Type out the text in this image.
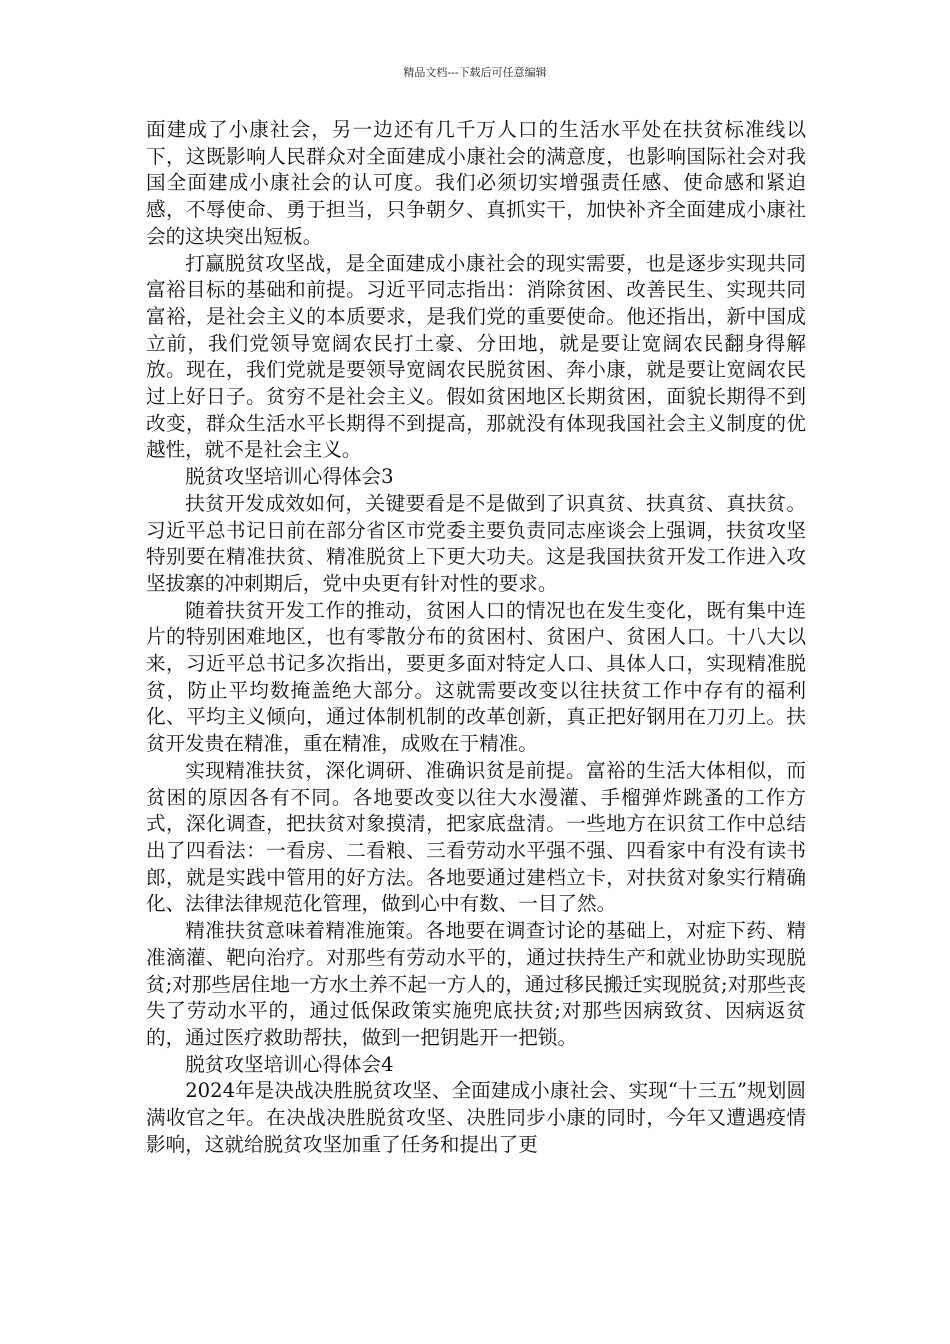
精品文档---下载后可任意编辑

面建成了小康社会，另一边还有几千万人口的生活水平处在扶贫标准线以下，这既影响人民群众对全面建成小康社会的满意度，也影响国际社会对我国全面建成小康社会的认可度。我们必须切实增强责任感、使命感和紧迫感，不辱使命、勇于担当，只争朝夕、真抓实干，加快补齐全面建成小康社会的这块突出短板。

打赢脱贫攻坚战，是全面建成小康社会的现实需要，也是逐步实现共同富裕目标的基础和前提。习近平同志指出：消除贫困、改善民生、实现共同富裕，是社会主义的本质要求，是我们党的重要使命。他还指出，新中国成立前，我们党领导宽阔农民打土豪、分田地，就是要让宽阔农民翻身得解放。现在，我们党就是要领导宽阔农民脱贫困、奔小康，就是要让宽阔农民过上好日子。贫穷不是社会主义。假如贫困地区长期贫困，面貌长期得不到改变，群众生活水平长期得不到提高，那就没有体现我国社会主义制度的优越性，就不是社会主义。

脱贫攻坚培训心得体会3

扶贫开发成效如何，关键要看是不是做到了识真贫、扶真贫、真扶贫。习近平总书记日前在部分省区市党委主要负责同志座谈会上强调，扶贫攻坚特别要在精准扶贫、精准脱贫上下更大功夫。这是我国扶贫开发工作进入攻坚拔寨的冲刺期后，党中央更有针对性的要求。

随着扶贫开发工作的推动，贫困人口的情况也在发生变化，既有集中连片的特别困难地区，也有零散分布的贫困村、贫困户、贫困人口。十八大以来，习近平总书记多次指出，要更多面对特定人口、具体人口，实现精准脱贫，防止平均数掩盖绝大部分。这就需要改变以往扶贫工作中存有的福利化、平均主义倾向，通过体制机制的改革创新，真正把好钢用在刀刃上。扶贫开发贵在精准，重在精准，成败在于精准。

实现精准扶贫，深化调研、准确识贫是前提。富裕的生活大体相似，而贫困的原因各有不同。各地要改变以往大水漫灌、手榴弹炸跳蚤的工作方式，深化调查，把扶贫对象摸清，把家底盘清。一些地方在识贫工作中总结出了四看法：一看房、二看粮、三看劳动水平强不强、四看家中有没有读书郎，就是实践中管用的好方法。各地要通过建档立卡，对扶贫对象实行精确化、法律法律规范化管理，做到心中有数、一目了然。

精准扶贫意味着精准施策。各地要在调查讨论的基础上，对症下药、精准滴灌、靶向治疗。对那些有劳动水平的，通过扶持生产和就业协助实现脱贫;对那些居住地一方水土养不起一方人的，通过移民搬迁实现脱贫;对那些丧失了劳动水平的，通过低保政策实施兜底扶贫;对那些因病致贫、因病返贫的，通过医疗救助帮扶，做到一把钥匙开一把锁。

脱贫攻坚培训心得体会4

2024年是决战决胜脱贫攻坚、全面建成小康社会、实现“十三五”规划圆满收官之年。在决战决胜脱贫攻坚、决胜同步小康的同时，今年又遭遇疫情影响，这就给脱贫攻坚加重了任务和提出了更
